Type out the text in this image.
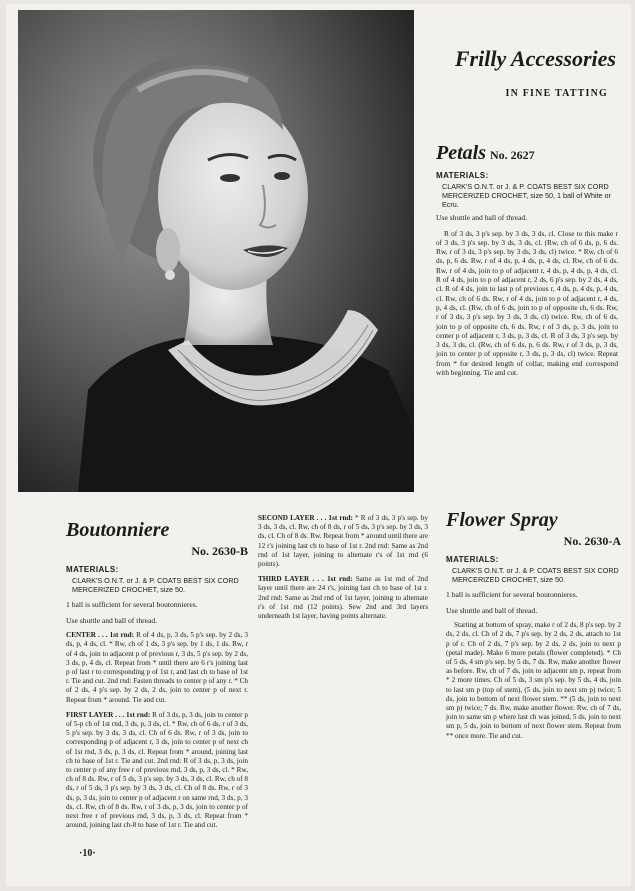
Frilly Accessories
IN FINE TATTING
Petals No. 2627
MATERIALS:
CLARK'S O.N.T. or J. & P. COATS BEST SIX CORD MERCERIZED CROCHET, size 50, 1 ball of White or Ecru.
Use shuttle and ball of thread.
R of 3 ds, 3 p's sep. by 3 ds, 3 ds, cl. Close to this make r of 3 ds, 3 p's sep. by 3 ds, 3 ds, cl. (Rw, ch of 6 ds, p, 6 ds. Rw, r of 3 ds, 3 p's sep. by 3 ds, 3 ds, cl) twice. * Rw, ch of 6 ds, p, 6 ds. Rw, r of 4 ds, p, 4 ds, p, 4 ds, cl. Rw, ch of 6 ds. Rw, r of 4 ds, join to p of adjacent r, 4 ds, p, 4 ds, p, 4 ds, cl. R of 4 ds, join to p of adjacent r, 2 ds, 6 p's sep. by 2 ds, 4 ds, cl. R of 4 ds, join to last p of previous r, 4 ds, p, 4 ds, p, 4 ds, cl. Rw, ch of 6 ds. Rw, r of 4 ds, join to p of adjacent r, 4 ds, p, 4 ds, cl. (Rw, ch of 6 ds, join to p of opposite ch, 6 ds. Rw, r of 3 ds, 3 p's sep. by 3 ds, 3 ds, cl) twice. Rw, ch of 6 ds, join to p of opposite ch, 6 ds. Rw, r of 3 ds, p, 3 ds, join to center p of adjacent r, 3 ds, p, 3 ds, cl. R of 3 ds, 3 p's sep. by 3 ds, 3 ds, cl. (Rw, ch of 6 ds, p, 6 ds. Rw, r of 3 ds, p, 3 ds, join to center p of opposite r, 3 ds, p, 3 ds, cl) twice. Repeat from * for desired length of collar, making end correspond with beginning. Tie and cut.
Boutonniere
No. 2630-B
MATERIALS:
CLARK'S O.N.T. or J. & P. COATS BEST SIX CORD MERCERIZED CROCHET, size 50.
1 ball is sufficient for several boutonnieres.
Use shuttle and ball of thread.
CENTER . . . 1st rnd: R of 4 ds, p, 3 ds, 5 p's sep. by 2 ds, 3 ds, p, 4 ds, cl. * Rw, ch of 1 ds, 3 p's sep. by 1 ds, 1 ds. Rw, r of 4 ds, join to adjacent p of previous r, 3 ds, 5 p's sep. by 2 ds, 3 ds, p, 4 ds, cl. Repeat from * until there are 6 r's joining last p of last r to corresponding p of 1st r, and last ch to base of 1st r. Tie and cut. 2nd rnd: Fasten threads to center p of any r. * Ch of 2 ds, 4 p's sep. by 2 ds, 2 ds, join to center p of next r. Repeat from * around. Tie and cut.
FIRST LAYER . . . 1st rnd: R of 3 ds, p, 3 ds, join to center p of 5-p ch of 1st rnd, 3 ds, p, 3 ds, cl. * Rw, ch of 6 ds, r of 3 ds, 5 p's sep. by 3 ds, 3 ds, cl. Ch of 6 ds. Rw, r of 3 ds, join to corresponding p of adjacent r, 3 ds, join to center p of next ch of 1st rnd, 3 ds, p, 3 ds, cl. Repeat from * around, joining last ch to base of 1st r. Tie and cut. 2nd rnd: R of 3 ds, p, 3 ds, join to center p of any free r of previous rnd, 3 ds, p, 3 ds, cl. * Rw, ch of 8 ds. Rw, r of 5 ds, 3 p's sep. by 3 ds, 3 ds, cl. Rw, ch of 8 ds, r of 5 ds, 3 p's sep. by 3 ds, 3 ds, cl. Ch of 8 ds. Rw, r of 3 ds, p, 3 ds, join to center p of adjacent r on same rnd, 3 ds, p, 3 ds, cl. Rw, ch of 8 ds. Rw, r of 3 ds, p, 3 ds, join to center p of next free r of previous rnd, 3 ds, p, 3 ds, cl. Repeat from * around, joining last ch-8 to base of 1st r. Tie and cut.
SECOND LAYER . . . 1st rnd: * R of 3 ds, 3 p's sep. by 3 ds, 3 ds, cl. Rw, ch of 8 ds, r of 5 ds, 3 p's sep. by 3 ds, 3 ds, cl. Ch of 8 ds. Rw. Repeat from * around until there are 12 r's joining last ch to base of 1st r. 2nd rnd: Same as 2nd rnd of 1st layer, joining to alternate r's of 1st rnd (6 points).
THIRD LAYER . . . 1st rnd: Same as 1st rnd of 2nd layer until there are 24 r's, joining last ch to base of 1st r. 2nd rnd: Same as 2nd rnd of 1st layer, joining to alternate r's of 1st rnd (12 points). Sew 2nd and 3rd layers underneath 1st layer, having points alternate.
Flower Spray
No. 2630-A
MATERIALS:
CLARK'S O.N.T. or J. & P. COATS BEST SIX CORD MERCERIZED CROCHET, size 50.
1 ball is sufficient for several boutonnieres.
Use shuttle and ball of thread.
Starting at bottom of spray, make r of 2 ds, 8 p's sep. by 2 ds, 2 ds, cl. Ch of 2 ds, 7 p's sep. by 2 ds, 2 ds, attach to 1st p of r. Ch of 2 ds, 7 p's sep. by 2 ds, 2 ds, join to next p (petal made). Make 6 more petals (flower completed). * Ch of 5 ds, 4 sm p's sep. by 5 ds, 7 ds. Rw, make another flower as before. Rw, ch of 7 ds, join to adjacent sm p, repeat from * 2 more times. Ch of 5 ds, 3 sm p's sep. by 5 ds, 4 ds, join to last sm p (top of stem), (5 ds, join to next sm p) twice; 5 ds, join to bottom of next flower stem. ** (5 ds, join to next sm p) twice; 7 ds. Rw, make another flower. Rw, ch of 7 ds, join to same sm p where last ch was joined, 5 ds, join to next sm p, 5 ds, join to bottom of next flower stem. Repeat from ** once more. Tie and cut.
·10·
